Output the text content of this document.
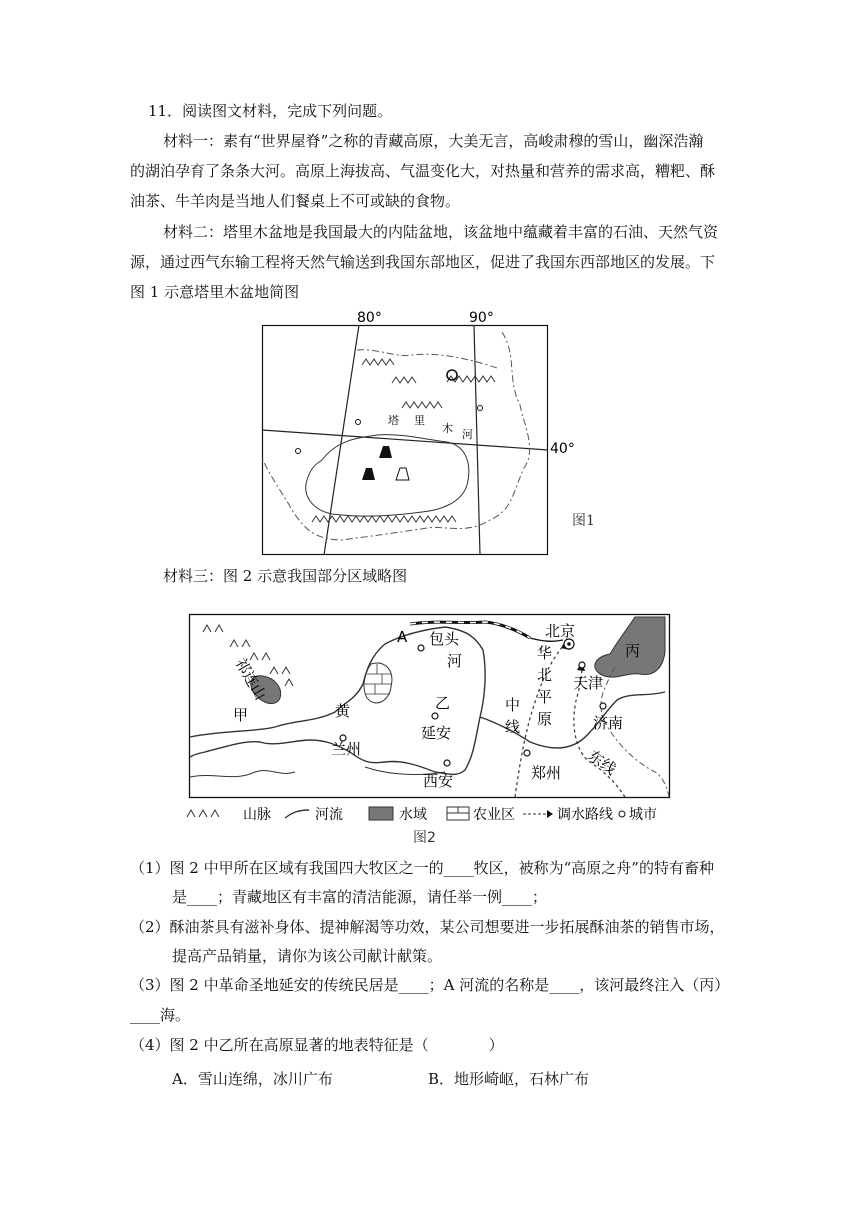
11．阅读图文材料，完成下列问题。
材料一：素有“世界屋脊”之称的青藏高原，大美无言，高峻肃穆的雪山，幽深浩瀚
的湖泊孕育了条条大河。高原上海拔高、气温变化大，对热量和营养的需求高，糟粑、酥
油茶、牛羊肉是当地人们餐桌上不可或缺的食物。
材料二：塔里木盆地是我国最大的内陆盆地，该盆地中蕴藏着丰富的石油、天然气资
源，通过西气东输工程将天然气输送到我国东部地区，促进了我国东西部地区的发展。下
图 1 示意塔里木盆地简图
80°	90°
40°
塔 里
木 河
图1
材料三：图 2 示意我国部分区域略图
A 包头
河
北京
丙
天津
黄
甲
乙
延安
中
线
华
北
平
原	济南
兰州	东线
西安	郑州
祁连山
山脉	河流	水域	农业区	调水路线 城市
图2
（1）图 2 中甲所在区域有我国四大牧区之一的____牧区，被称为“高原之舟”的特有畜种
是____；青藏地区有丰富的清洁能源，请任举一例____；
（2）酥油茶具有滋补身体、提神解渴等功效，某公司想要进一步拓展酥油茶的销售市场，
提高产品销量，请你为该公司献计献策。
（3）图 2 中革命圣地延安的传统民居是____；A 河流的名称是____，该河最终注入（丙）
____海。
（4）图 2 中乙所在高原显著的地表特征是（　　　　）
A．雪山连绵，冰川广布	B．地形崎岖，石林广布
